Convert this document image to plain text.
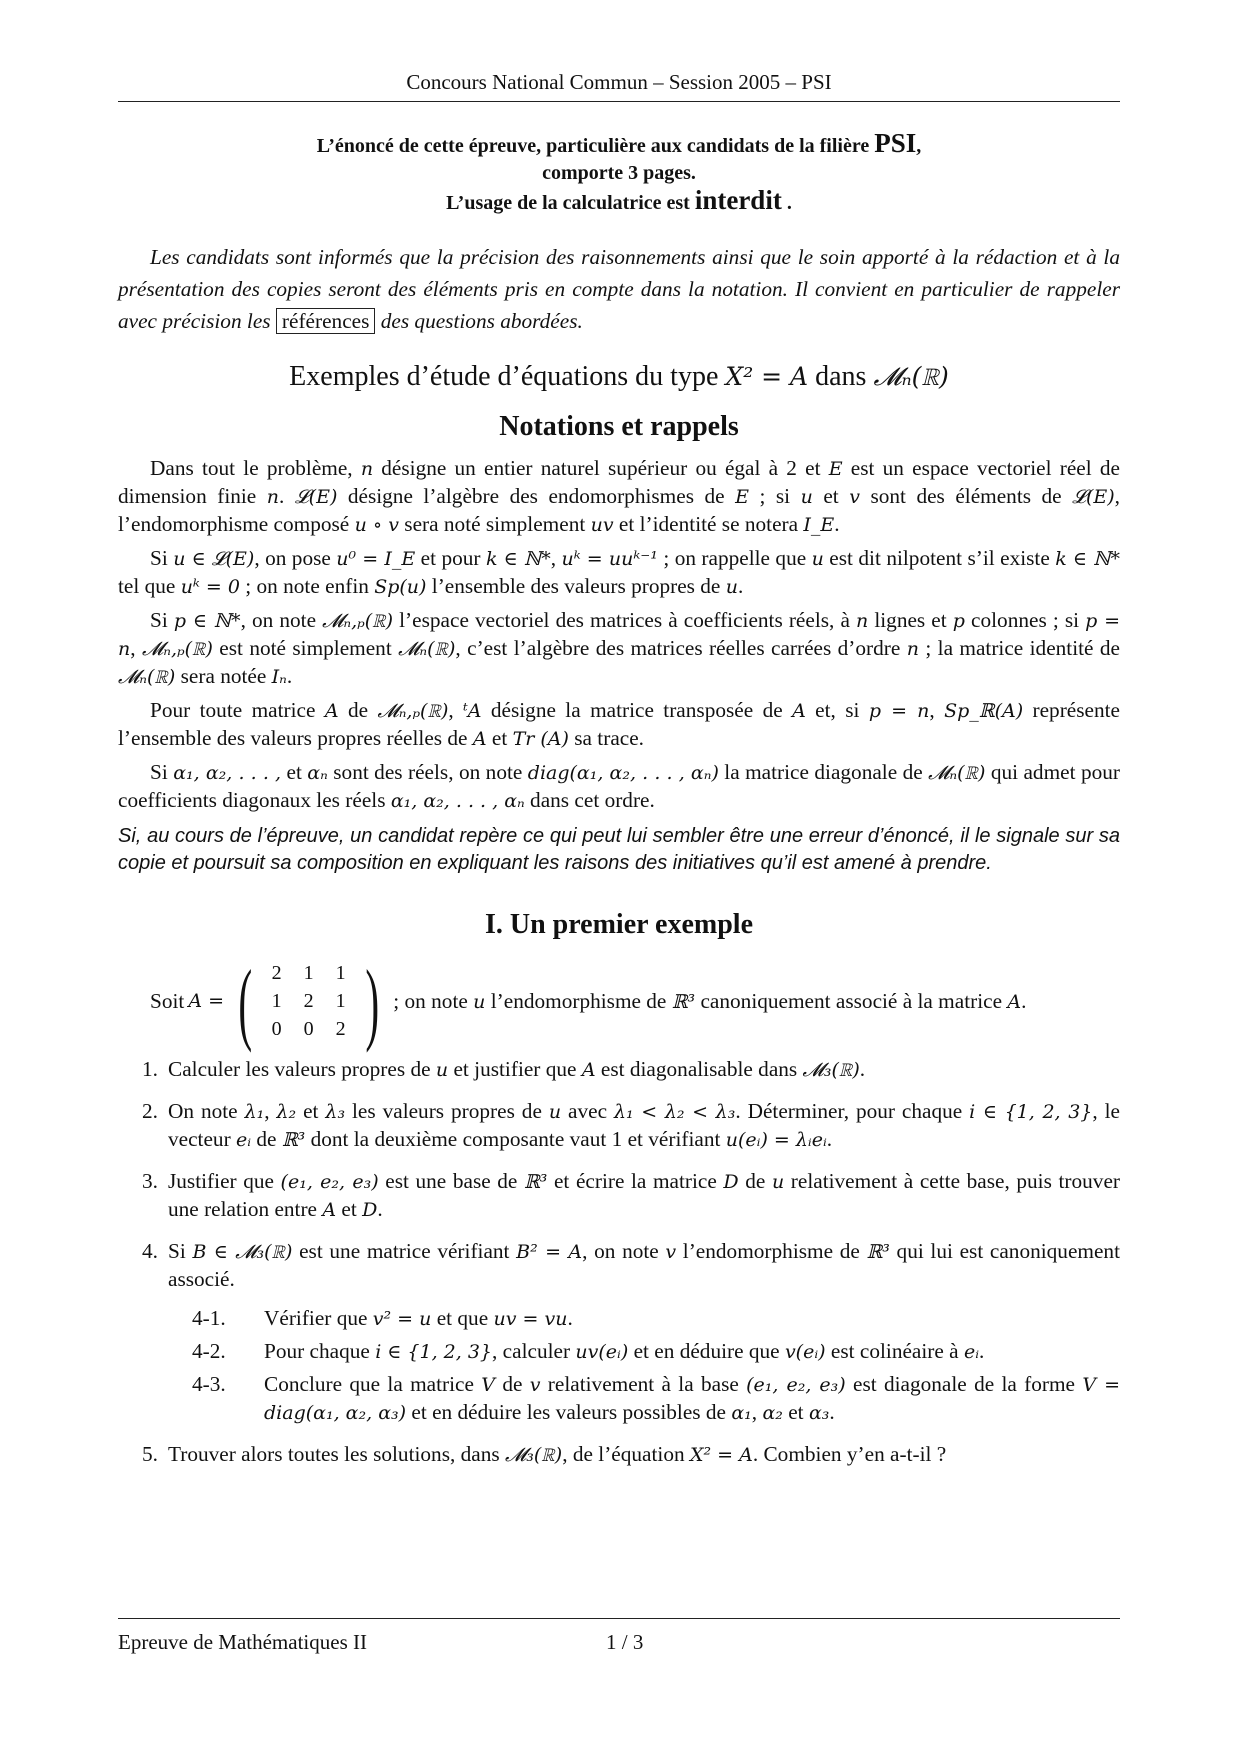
Concours National Commun – Session 2005 – PSI
L’énoncé de cette épreuve, particulière aux candidats de la filière PSI,
comporte 3 pages.
L’usage de la calculatrice est interdit .

Les candidats sont informés que la précision des raisonnements ainsi que le soin apporté à la rédaction et à la présentation des copies seront des éléments pris en compte dans la notation. Il convient en particulier de rappeler avec précision les références des questions abordées.

Exemples d’étude d’équations du type X² = A dans 𝓜ₙ(ℝ)
Notations et rappels

Dans tout le problème, n désigne un entier naturel supérieur ou égal à 2 et E est un espace vectoriel réel de dimension finie n. 𝓛(E) désigne l’algèbre des endomorphismes de E ; si u et v sont des éléments de 𝓛(E), l’endomorphisme composé u ∘ v sera noté simplement uv et l’identité se notera I_E.

Si u ∈ 𝓛(E), on pose u⁰ = I_E et pour k ∈ ℕ*, uᵏ = uuᵏ⁻¹ ; on rappelle que u est dit nilpotent s’il existe k ∈ ℕ* tel que uᵏ = 0 ; on note enfin Sp(u) l’ensemble des valeurs propres de u.

Si p ∈ ℕ*, on note 𝓜ₙ,ₚ(ℝ) l’espace vectoriel des matrices à coefficients réels, à n lignes et p colonnes ; si p = n, 𝓜ₙ,ₚ(ℝ) est noté simplement 𝓜ₙ(ℝ), c’est l’algèbre des matrices réelles carrées d’ordre n ; la matrice identité de 𝓜ₙ(ℝ) sera notée Iₙ.

Pour toute matrice A de 𝓜ₙ,ₚ(ℝ), ᵗA désigne la matrice transposée de A et, si p = n, Sp_ℝ(A) représente l’ensemble des valeurs propres réelles de A et Tr (A) sa trace.

Si α₁, α₂, . . . , et αₙ sont des réels, on note diag(α₁, α₂, . . . , αₙ) la matrice diagonale de 𝓜ₙ(ℝ) qui admet pour coefficients diagonaux les réels α₁, α₂, . . . , αₙ dans cet ordre.

Si, au cours de l’épreuve, un candidat repère ce qui peut lui sembler être une erreur d’énoncé, il le signale sur sa copie et poursuit sa composition en expliquant les raisons des initiatives qu’il est amené à prendre.

I. Un premier exemple
Soit A = ( 2	1	1
1	2	1
0	0	2 ) ; on note u l’endomorphisme de ℝ³ canoniquement associé à la matrice A.
1. Calculer les valeurs propres de u et justifier que A est diagonalisable dans 𝓜₃(ℝ).
2. On note λ₁, λ₂ et λ₃ les valeurs propres de u avec λ₁ < λ₂ < λ₃. Déterminer, pour chaque i ∈ {1, 2, 3}, le vecteur eᵢ de ℝ³ dont la deuxième composante vaut 1 et vérifiant u(eᵢ) = λᵢeᵢ.
3. Justifier que (e₁, e₂, e₃) est une base de ℝ³ et écrire la matrice D de u relativement à cette base, puis trouver une relation entre A et D.
4. Si B ∈ 𝓜₃(ℝ) est une matrice vérifiant B² = A, on note v l’endomorphisme de ℝ³ qui lui est canoniquement associé.
4-1. Vérifier que v² = u et que uv = vu.
4-2. Pour chaque i ∈ {1, 2, 3}, calculer uv(eᵢ) et en déduire que v(eᵢ) est colinéaire à eᵢ.
4-3. Conclure que la matrice V de v relativement à la base (e₁, e₂, e₃) est diagonale de la forme V = diag(α₁, α₂, α₃) et en déduire les valeurs possibles de α₁, α₂ et α₃.
5. Trouver alors toutes les solutions, dans 𝓜₃(ℝ), de l’équation X² = A. Combien y’en a-t-il ?
Epreuve de Mathématiques II	1 / 3
